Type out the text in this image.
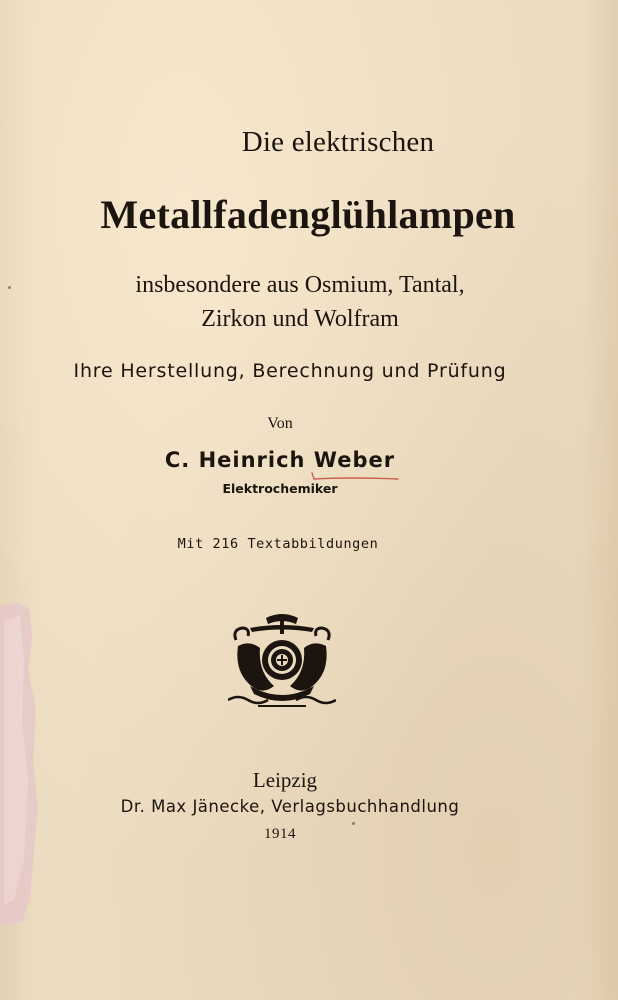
Die elektrischen
Metallfadenglühlampen
insbesondere aus Osmium, Tantal,
Zirkon und Wolfram
Ihre Herstellung, Berechnung und Prüfung
Von
C. Heinrich Weber
Elektrochemiker
Mit 216 Textabbildungen
Leipzig
Dr. Max Jänecke, Verlagsbuchhandlung
1914
